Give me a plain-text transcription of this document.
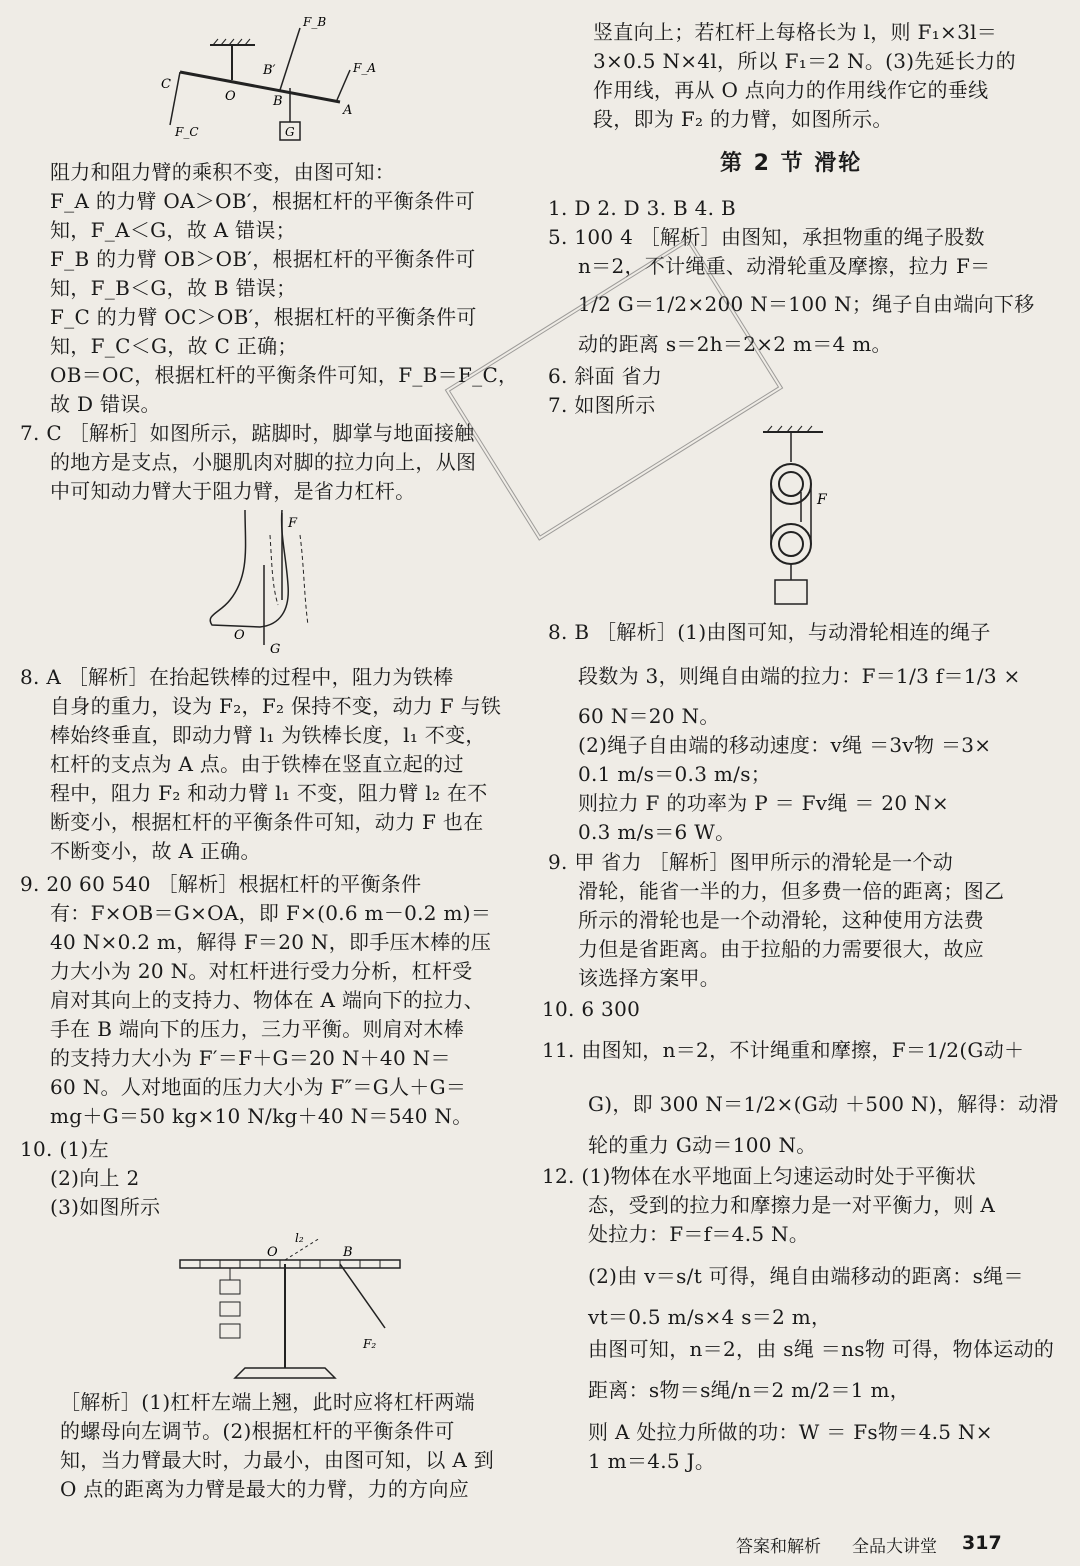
F_B
F_A
B′
C
O	B
A
F_C	G
阻力和阻力臂的乘积不变，由图可知：
F_A 的力臂 OA＞OB′，根据杠杆的平衡条件可
知，F_A＜G，故 A 错误；
F_B 的力臂 OB＞OB′，根据杠杆的平衡条件可
知，F_B＜G，故 B 错误；
F_C 的力臂 OC＞OB′，根据杠杆的平衡条件可
知，F_C＜G，故 C 正确；
OB＝OC，根据杠杆的平衡条件可知，F_B＝F_C，
故 D 错误。
7. C ［解析］如图所示，踮脚时，脚掌与地面接触
的地方是支点，小腿肌肉对脚的拉力向上，从图
中可知动力臂大于阻力臂，是省力杠杆。
F
O
G
8. A ［解析］在抬起铁棒的过程中，阻力为铁棒
自身的重力，设为 F₂，F₂ 保持不变，动力 F 与铁
棒始终垂直，即动力臂 l₁ 为铁棒长度，l₁ 不变，
杠杆的支点为 A 点。由于铁棒在竖直立起的过
程中，阻力 F₂ 和动力臂 l₁ 不变，阻力臂 l₂ 在不
断变小，根据杠杆的平衡条件可知，动力 F 也在
不断变小，故 A 正确。
9. 20 60 540 ［解析］根据杠杆的平衡条件
有：F×OB＝G×OA，即 F×(0.6 m－0.2 m)＝
40 N×0.2 m，解得 F＝20 N，即手压木棒的压
力大小为 20 N。对杠杆进行受力分析，杠杆受
肩对其向上的支持力、物体在 A 端向下的拉力、
手在 B 端向下的压力，三力平衡。则肩对木棒
的支持力大小为 F′＝F＋G＝20 N＋40 N＝
60 N。人对地面的压力大小为 F″＝G人＋G＝
mg＋G＝50 kg×10 N/kg＋40 N＝540 N。
10. (1)左
(2)向上 2
(3)如图所示
l₂
O	B
F₂
［解析］(1)杠杆左端上翘，此时应将杠杆两端
的螺母向左调节。(2)根据杠杆的平衡条件可
知，当力臂最大时，力最小，由图可知，以 A 到
O 点的距离为力臂是最大的力臂，力的方向应
竖直向上；若杠杆上每格长为 l，则 F₁×3l＝
3×0.5 N×4l，所以 F₁＝2 N。(3)先延长力的
作用线，再从 O 点向力的作用线作它的垂线
段，即为 F₂ 的力臂，如图所示。
1. D 2. D 3. B 4. B
5. 100 4 ［解析］由图知，承担物重的绳子股数
n＝2，不计绳重、动滑轮重及摩擦，拉力 F＝
1/2 G＝1/2×200 N＝100 N；绳子自由端向下移
动的距离 s＝2h＝2×2 m＝4 m。
6. 斜面 省力
7. 如图所示
F
8. B ［解析］(1)由图可知，与动滑轮相连的绳子
段数为 3，则绳自由端的拉力：F＝1/3 f＝1/3 ×
60 N＝20 N。
(2)绳子自由端的移动速度：v绳 ＝3v物 ＝3×
0.1 m/s＝0.3 m/s；
则拉力 F 的功率为 P ＝ Fv绳 ＝ 20 N×
0.3 m/s＝6 W。
9. 甲 省力 ［解析］图甲所示的滑轮是一个动
滑轮，能省一半的力，但多费一倍的距离；图乙
所示的滑轮也是一个动滑轮，这种使用方法费
力但是省距离。由于拉船的力需要很大，故应
该选择方案甲。
10. 6 300
11. 由图知，n＝2，不计绳重和摩擦，F＝1/2(G动＋
G)，即 300 N＝1/2×(G动 ＋500 N)，解得：动滑
轮的重力 G动＝100 N。
12. (1)物体在水平地面上匀速运动时处于平衡状
态，受到的拉力和摩擦力是一对平衡力，则 A
处拉力：F＝f＝4.5 N。
(2)由 v＝s/t 可得，绳自由端移动的距离：s绳＝
vt＝0.5 m/s×4 s＝2 m，
由图可知，n＝2，由 s绳 ＝ns物 可得，物体运动的
距离：s物＝s绳/n＝2 m/2＝1 m，
则 A 处拉力所做的功：W ＝ Fs物＝4.5 N×
1 m＝4.5 J。
第 2 节 滑轮
答案和解析 全品大讲堂 317
